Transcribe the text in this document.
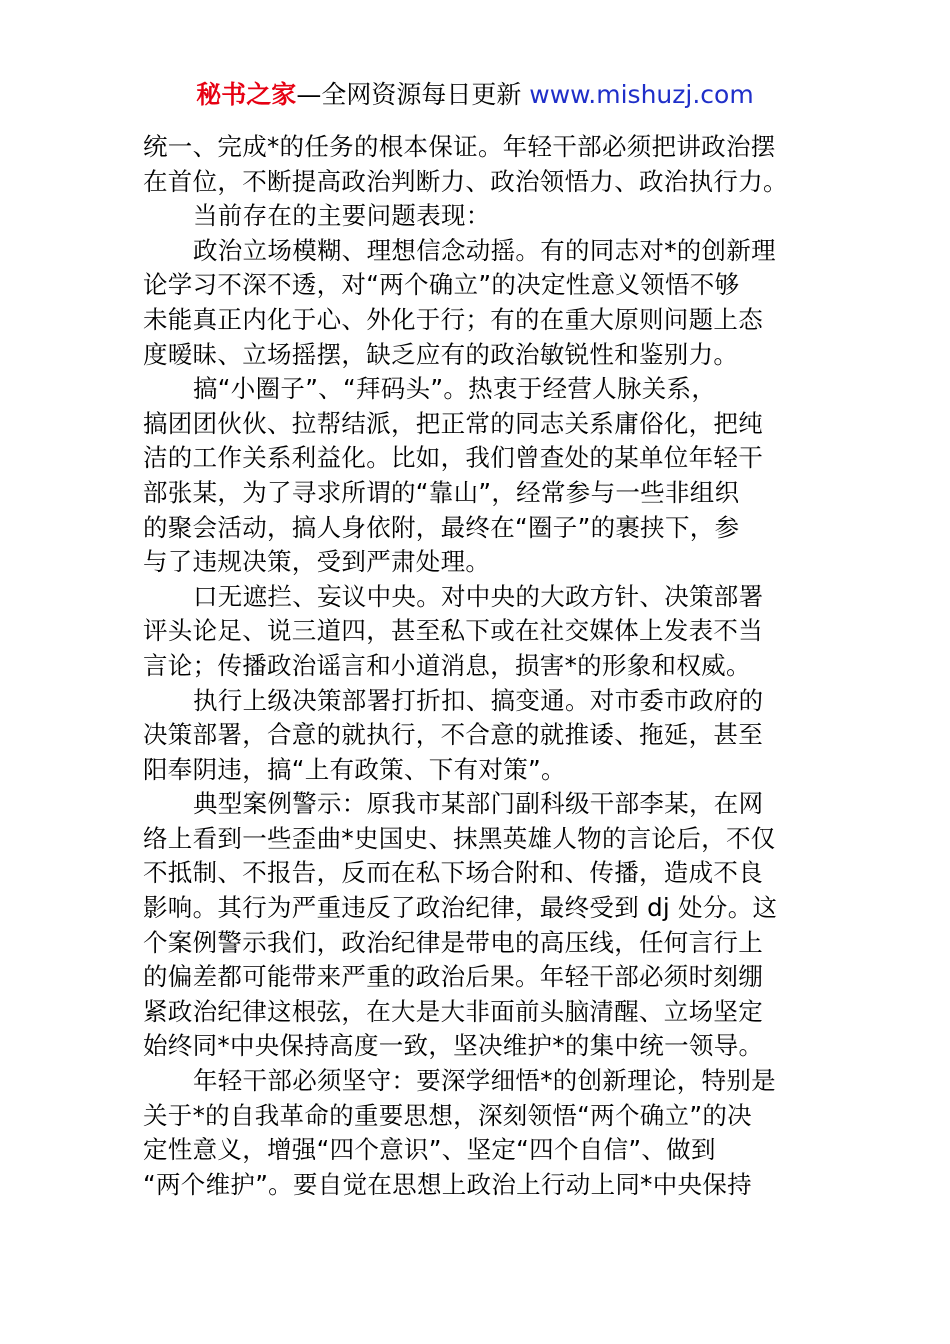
秘书之家—全网资源每日更新 www.mishuzj.com
统一、完成*的任务的根本保证。年轻干部必须把讲政治摆
在首位，不断提高政治判断力、政治领悟力、政治执行力。
当前存在的主要问题表现：
政治立场模糊、理想信念动摇。有的同志对*的创新理
论学习不深不透，对“两个确立”的决定性意义领悟不够
未能真正内化于心、外化于行；有的在重大原则问题上态
度暧昧、立场摇摆，缺乏应有的政治敏锐性和鉴别力。
搞“小圈子”、“拜码头”。热衷于经营人脉关系，
搞团团伙伙、拉帮结派，把正常的同志关系庸俗化，把纯
洁的工作关系利益化。比如，我们曾查处的某单位年轻干
部张某，为了寻求所谓的“靠山”，经常参与一些非组织
的聚会活动，搞人身依附，最终在“圈子”的裹挟下，参
与了违规决策，受到严肃处理。
口无遮拦、妄议中央。对中央的大政方针、决策部署
评头论足、说三道四，甚至私下或在社交媒体上发表不当
言论；传播政治谣言和小道消息，损害*的形象和权威。
执行上级决策部署打折扣、搞变通。对市委市政府的
决策部署，合意的就执行，不合意的就推诿、拖延，甚至
阳奉阴违，搞“上有政策、下有对策”。
典型案例警示：原我市某部门副科级干部李某，在网
络上看到一些歪曲*史国史、抹黑英雄人物的言论后，不仅
不抵制、不报告，反而在私下场合附和、传播，造成不良
影响。其行为严重违反了政治纪律，最终受到 dj 处分。这
个案例警示我们，政治纪律是带电的高压线，任何言行上
的偏差都可能带来严重的政治后果。年轻干部必须时刻绷
紧政治纪律这根弦，在大是大非面前头脑清醒、立场坚定
始终同*中央保持高度一致，坚决维护*的集中统一领导。
年轻干部必须坚守：要深学细悟*的创新理论，特别是
关于*的自我革命的重要思想，深刻领悟“两个确立”的决
定性意义，增强“四个意识”、坚定“四个自信”、做到
“两个维护”。要自觉在思想上政治上行动上同*中央保持
